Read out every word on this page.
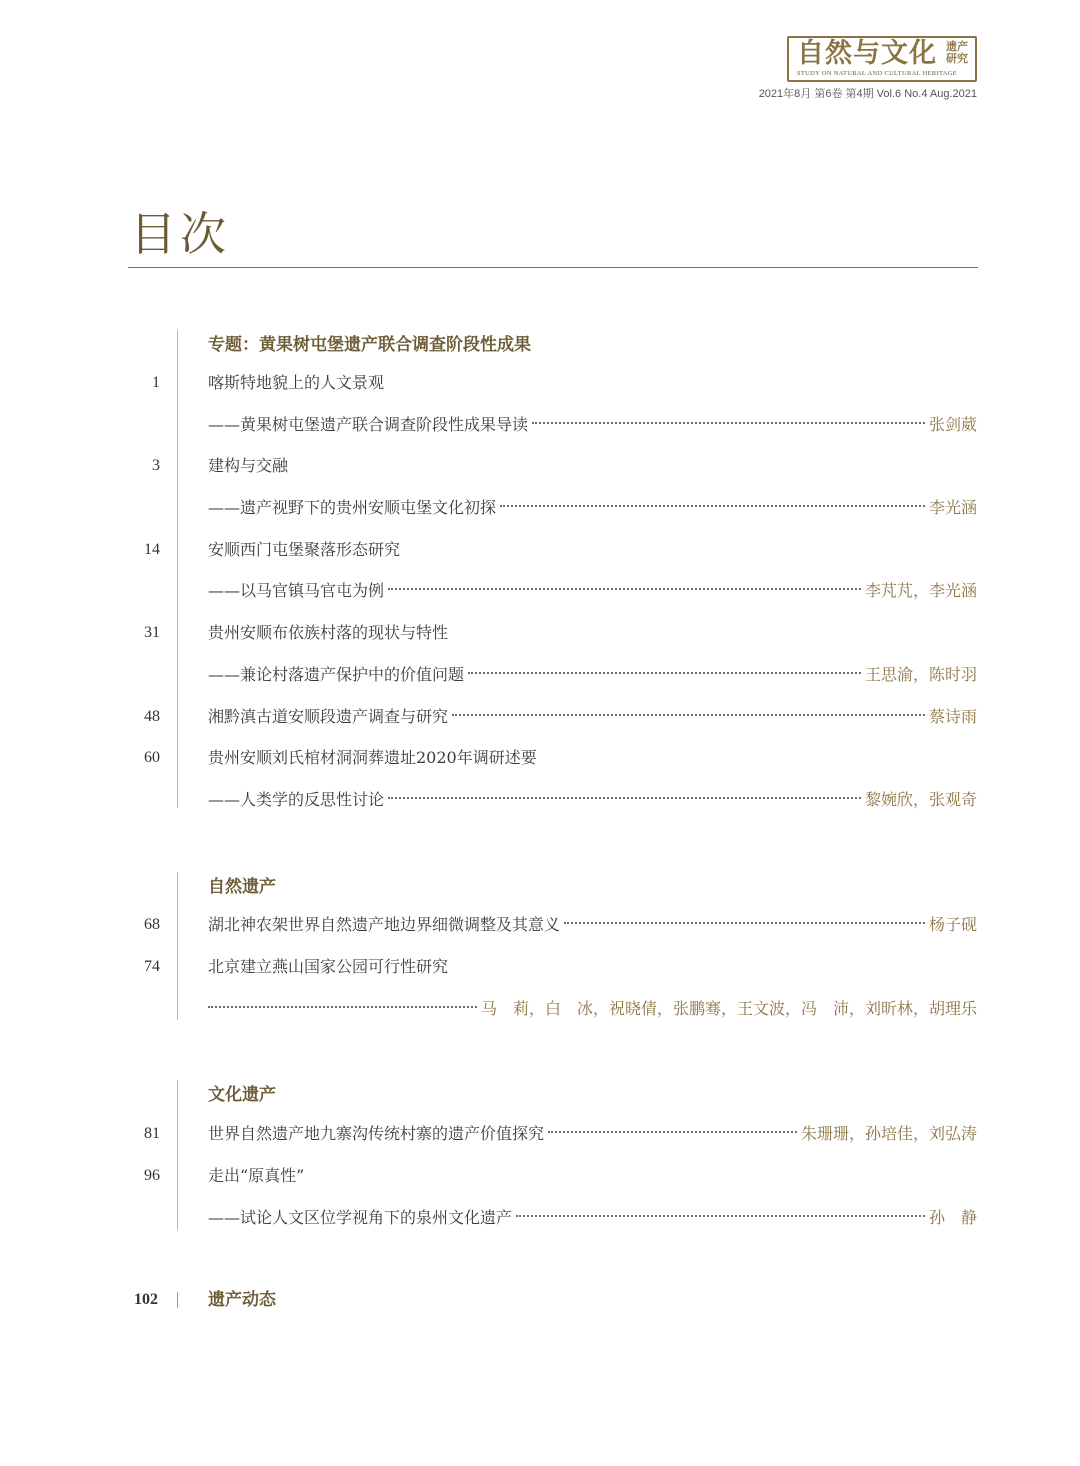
自然与文化 遗产研究
STUDY ON NATURAL AND CULTURAL HERITAGE
2021年8月 第6卷 第4期 Vol.6 No.4 Aug.2021
目次
专题：黄果树屯堡遗产联合调查阶段性成果
1	喀斯特地貌上的人文景观
——黄果树屯堡遗产联合调查阶段性成果导读	张剑葳
3	建构与交融
——遗产视野下的贵州安顺屯堡文化初探	李光涵
14	安顺西门屯堡聚落形态研究
——以马官镇马官屯为例	李芃芃，李光涵
31	贵州安顺布依族村落的现状与特性
——兼论村落遗产保护中的价值问题	王思渝，陈时羽
48	湘黔滇古道安顺段遗产调查与研究	蔡诗雨
60	贵州安顺刘氏棺材洞洞葬遗址2020年调研述要
——人类学的反思性讨论	黎婉欣，张观奇
自然遗产
68	湖北神农架世界自然遗产地边界细微调整及其意义	杨子砚
74	北京建立燕山国家公园可行性研究
马　莉，白　冰，祝晓倩，张鹏骞，王文波，冯　沛，刘昕林，胡理乐
文化遗产
81	世界自然遗产地九寨沟传统村寨的遗产价值探究	朱珊珊，孙培佳，刘弘涛
96	走出“原真性”
——试论人文区位学视角下的泉州文化遗产	孙　静
102	遗产动态
